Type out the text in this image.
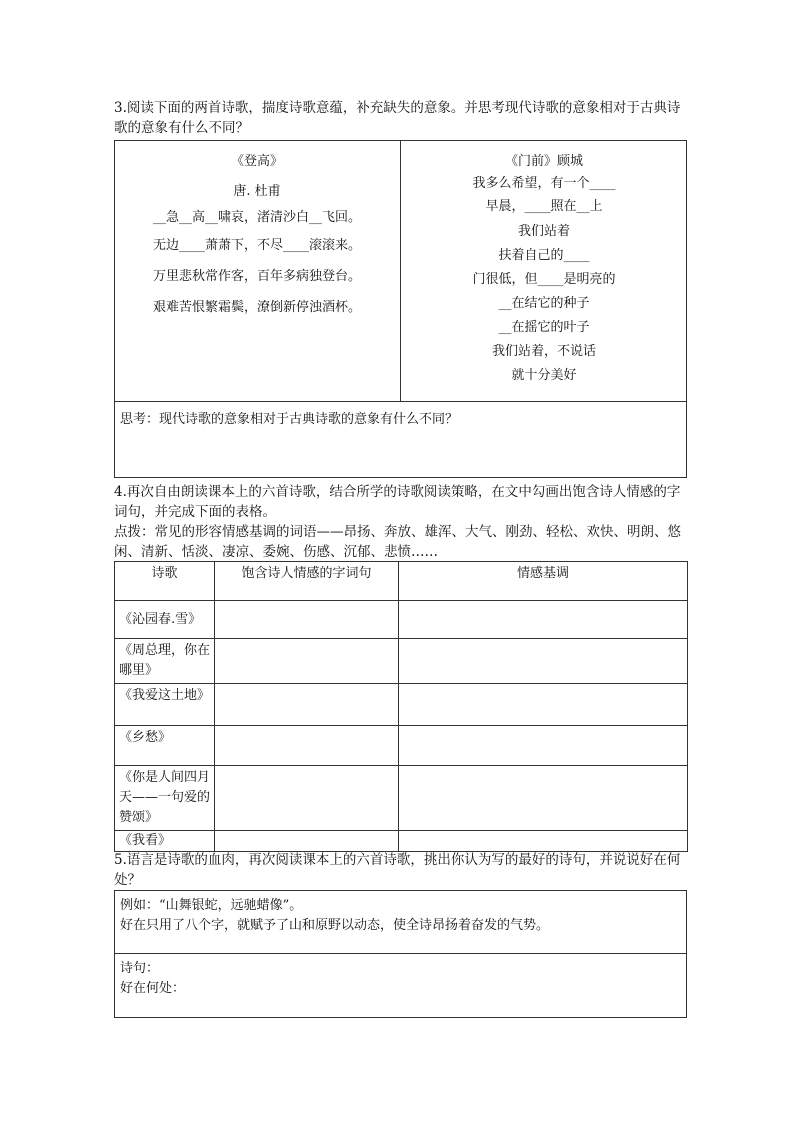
3.阅读下面的两首诗歌，揣度诗歌意蕴，补充缺失的意象。并思考现代诗歌的意象相对于古典诗歌的意象有什么不同？
《登高》
唐. 杜甫
__急__高__啸哀，渚清沙白__飞回。
无边____萧萧下，不尽____滚滚来。
万里悲秋常作客，百年多病独登台。
艰难苦恨繁霜鬓，潦倒新停浊酒杯。
《门前》顾城
我多么希望，有一个____
早晨，____照在__上
我们站着
扶着自己的____
门很低，但____是明亮的
__在结它的种子
__在摇它的叶子
我们站着，不说话
就十分美好
思考：现代诗歌的意象相对于古典诗歌的意象有什么不同？
4.再次自由朗读课本上的六首诗歌，结合所学的诗歌阅读策略，在文中勾画出饱含诗人情感的字词句，并完成下面的表格。
点拨：常见的形容情感基调的词语——昂扬、奔放、雄浑、大气、刚劲、轻松、欢快、明朗、悠闲、清新、恬淡、凄凉、委婉、伤感、沉郁、悲愤……
诗歌	饱含诗人情感的字词句	情感基调
《沁园春.雪》		
《周总理，你在哪里》		
《我爱这土地》		
《乡愁》		
《你是人间四月天——一句爱的赞颂》		
《我看》		
5.语言是诗歌的血肉，再次阅读课本上的六首诗歌，挑出你认为写的最好的诗句，并说说好在何处？
例如：“山舞银蛇，远驰蜡像”。
好在只用了八个字，就赋予了山和原野以动态，使全诗昂扬着奋发的气势。
诗句：
好在何处：
